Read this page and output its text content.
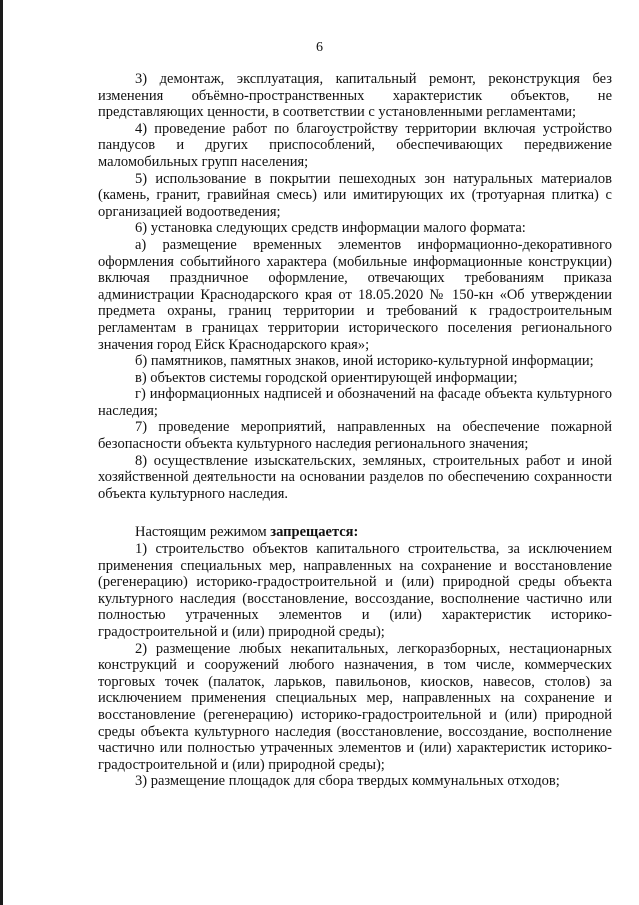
6

3) демонтаж, эксплуатация, капитальный ремонт, реконструкция без изменения объёмно-пространственных характеристик объектов, не представляющих ценности, в соответствии с установленными регламентами;

4) проведение работ по благоустройству территории включая устройство пандусов и других приспособлений, обеспечивающих передвижение маломобильных групп населения;

5) использование в покрытии пешеходных зон натуральных материалов (камень, гранит, гравийная смесь) или имитирующих их (тротуарная плитка) с организацией водоотведения;

6) установка следующих средств информации малого формата:

а) размещение временных элементов информационно-декоративного оформления событийного характера (мобильные информационные конструкции) включая праздничное оформление, отвечающих требованиям приказа администрации Краснодарского края от 18.05.2020 № 150-кн «Об утверждении предмета охраны, границ территории и требований к градостроительным регламентам в границах территории исторического поселения регионального значения город Ейск Краснодарского края»;

б) памятников, памятных знаков, иной историко-культурной информации;

в) объектов системы городской ориентирующей информации;

г) информационных надписей и обозначений на фасаде объекта культурного наследия;

7) проведение мероприятий, направленных на обеспечение пожарной безопасности объекта культурного наследия регионального значения;

8) осуществление изыскательских, земляных, строительных работ и иной хозяйственной деятельности на основании разделов по обеспечению сохранности объекта культурного наследия.

Настоящим режимом запрещается:

1) строительство объектов капитального строительства, за исключением применения специальных мер, направленных на сохранение и восстановление (регенерацию) историко-градостроительной и (или) природной среды объекта культурного наследия (восстановление, воссоздание, восполнение частично или полностью утраченных элементов и (или) характеристик историко-градостроительной и (или) природной среды);

2) размещение любых некапитальных, легкоразборных, нестационарных конструкций и сооружений любого назначения, в том числе, коммерческих торговых точек (палаток, ларьков, павильонов, киосков, навесов, столов) за исключением применения специальных мер, направленных на сохранение и восстановление (регенерацию) историко-градостроительной и (или) природной среды объекта культурного наследия (восстановление, воссоздание, восполнение частично или полностью утраченных элементов и (или) характеристик историко-градостроительной и (или) природной среды);

3) размещение площадок для сбора твердых коммунальных отходов;
